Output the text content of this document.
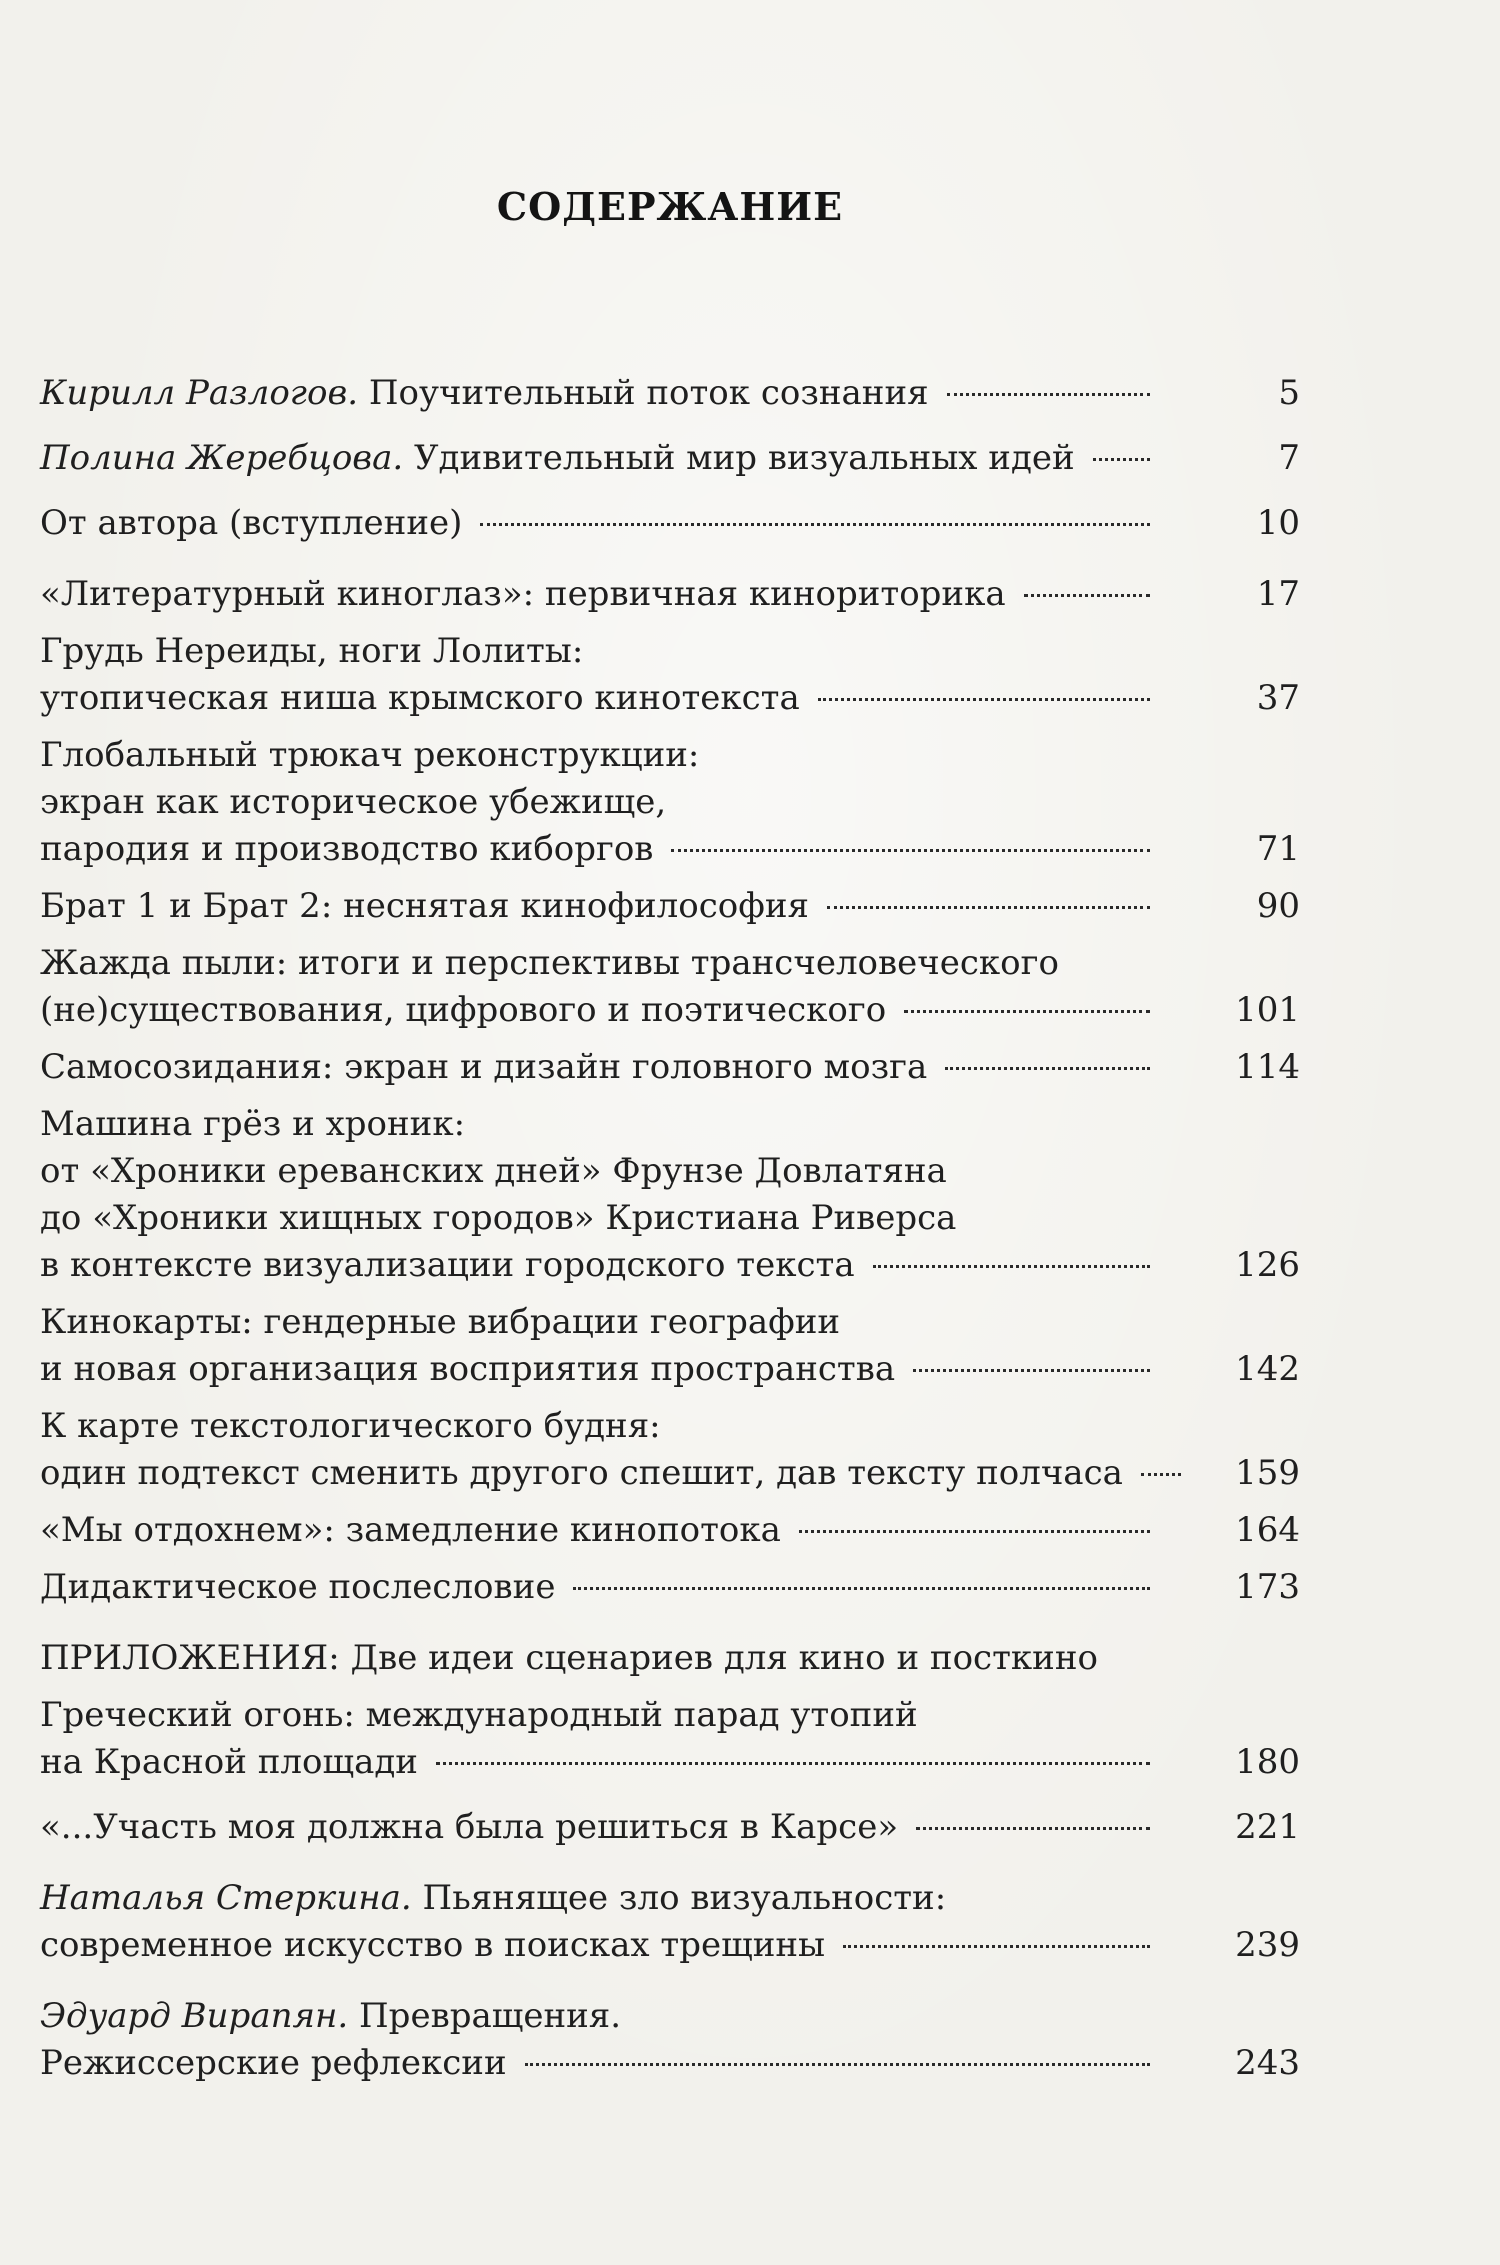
СОДЕРЖАНИЕ
Кирилл Разлогов. Поучительный поток сознания	5
Полина Жеребцова. Удивительный мир визуальных идей	7
От автора (вступление)	10
«Литературный киноглаз»: первичная кинориторика	17
Грудь Нереиды, ноги Лолиты:
утопическая ниша крымского кинотекста	37
Глобальный трюкач реконструкции:
экран как историческое убежище,
пародия и производство киборгов	71
Брат 1 и Брат 2: неснятая кинофилософия	90
Жажда пыли: итоги и перспективы трансчеловеческого
(не)существования, цифрового и поэтического	101
Самосозидания: экран и дизайн головного мозга	114
Машина грёз и хроник:
от «Хроники ереванских дней» Фрунзе Довлатяна
до «Хроники хищных городов» Кристиана Риверса
в контексте визуализации городского текста	126
Кинокарты: гендерные вибрации географии
и новая организация восприятия пространства	142
К карте текстологического будня:
один подтекст сменить другого спешит, дав тексту полчаса	159
«Мы отдохнем»: замедление кинопотока	164
Дидактическое послесловие	173
ПРИЛОЖЕНИЯ: Две идеи сценариев для кино и посткино
Греческий огонь: международный парад утопий
на Красной площади	180
«...Участь моя должна была решиться в Карсе»	221
Наталья Стеркина. Пьянящее зло визуальности:
современное искусство в поисках трещины	239
Эдуард Вирапян. Превращения.
Режиссерские рефлексии	243
